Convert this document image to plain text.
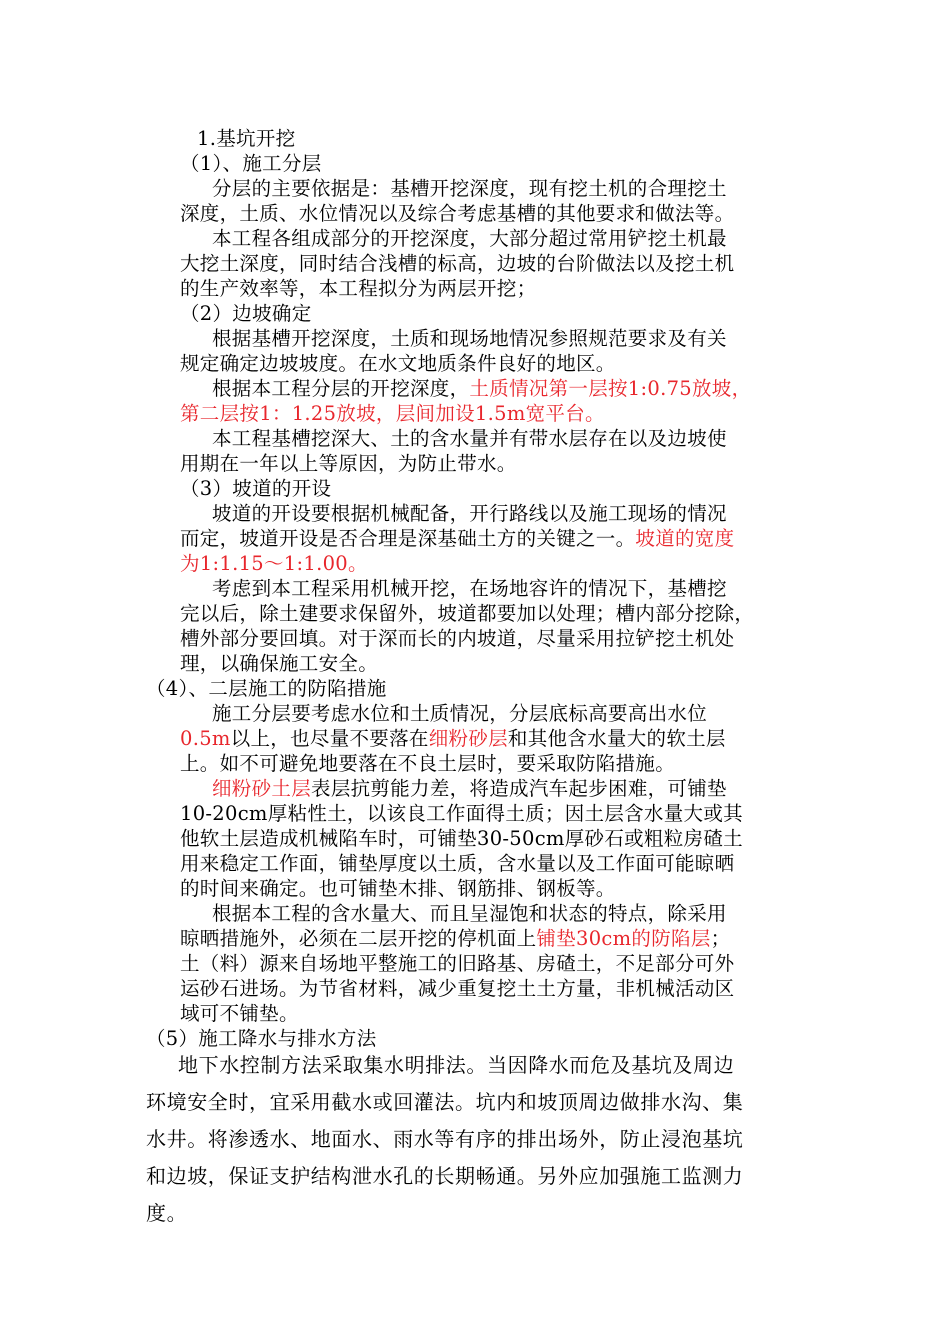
1.基坑开挖
（1）、施工分层
分层的主要依据是：基槽开挖深度，现有挖土机的合理挖土
深度，土质、水位情况以及综合考虑基槽的其他要求和做法等。
本工程各组成部分的开挖深度，大部分超过常用铲挖土机最
大挖土深度，同时结合浅槽的标高，边坡的台阶做法以及挖土机
的生产效率等，本工程拟分为两层开挖；
（2）边坡确定
根据基槽开挖深度，土质和现场地情况参照规范要求及有关
规定确定边坡坡度。在水文地质条件良好的地区。
根据本工程分层的开挖深度，土质情况第一层按1:0.75放坡，
第二层按1：1.25放坡，层间加设1.5m宽平台。
本工程基槽挖深大、土的含水量并有带水层存在以及边坡使
用期在一年以上等原因，为防止带水。
（3）坡道的开设
坡道的开设要根据机械配备，开行路线以及施工现场的情况
而定，坡道开设是否合理是深基础土方的关键之一。坡道的宽度
为1:1.15～1:1.00。
考虑到本工程采用机械开挖，在场地容许的情况下，基槽挖
完以后，除土建要求保留外，坡道都要加以处理；槽内部分挖除，
槽外部分要回填。对于深而长的内坡道，尽量采用拉铲挖土机处
理，以确保施工安全。
（4）、二层施工的防陷措施
施工分层要考虑水位和土质情况，分层底标高要高出水位
0.5m以上，也尽量不要落在细粉砂层和其他含水量大的软土层
上。如不可避免地要落在不良土层时，要采取防陷措施。
细粉砂土层表层抗剪能力差，将造成汽车起步困难，可铺垫
10-20cm厚粘性土，以该良工作面得土质；因土层含水量大或其
他软土层造成机械陷车时，可铺垫30-50cm厚砂石或粗粒房碴土
用来稳定工作面，铺垫厚度以土质，含水量以及工作面可能晾晒
的时间来确定。也可铺垫木排、钢筋排、钢板等。
根据本工程的含水量大、而且呈湿饱和状态的特点，除采用
晾晒措施外，必须在二层开挖的停机面上铺垫30cm的防陷层；
土（料）源来自场地平整施工的旧路基、房碴土，不足部分可外
运砂石进场。为节省材料，减少重复挖土土方量，非机械活动区
域可不铺垫。
（5）施工降水与排水方法
地下水控制方法采取集水明排法。当因降水而危及基坑及周边
环境安全时，宜采用截水或回灌法。坑内和坡顶周边做排水沟、集
水井。将渗透水、地面水、雨水等有序的排出场外，防止浸泡基坑
和边坡，保证支护结构泄水孔的长期畅通。另外应加强施工监测力
度。
